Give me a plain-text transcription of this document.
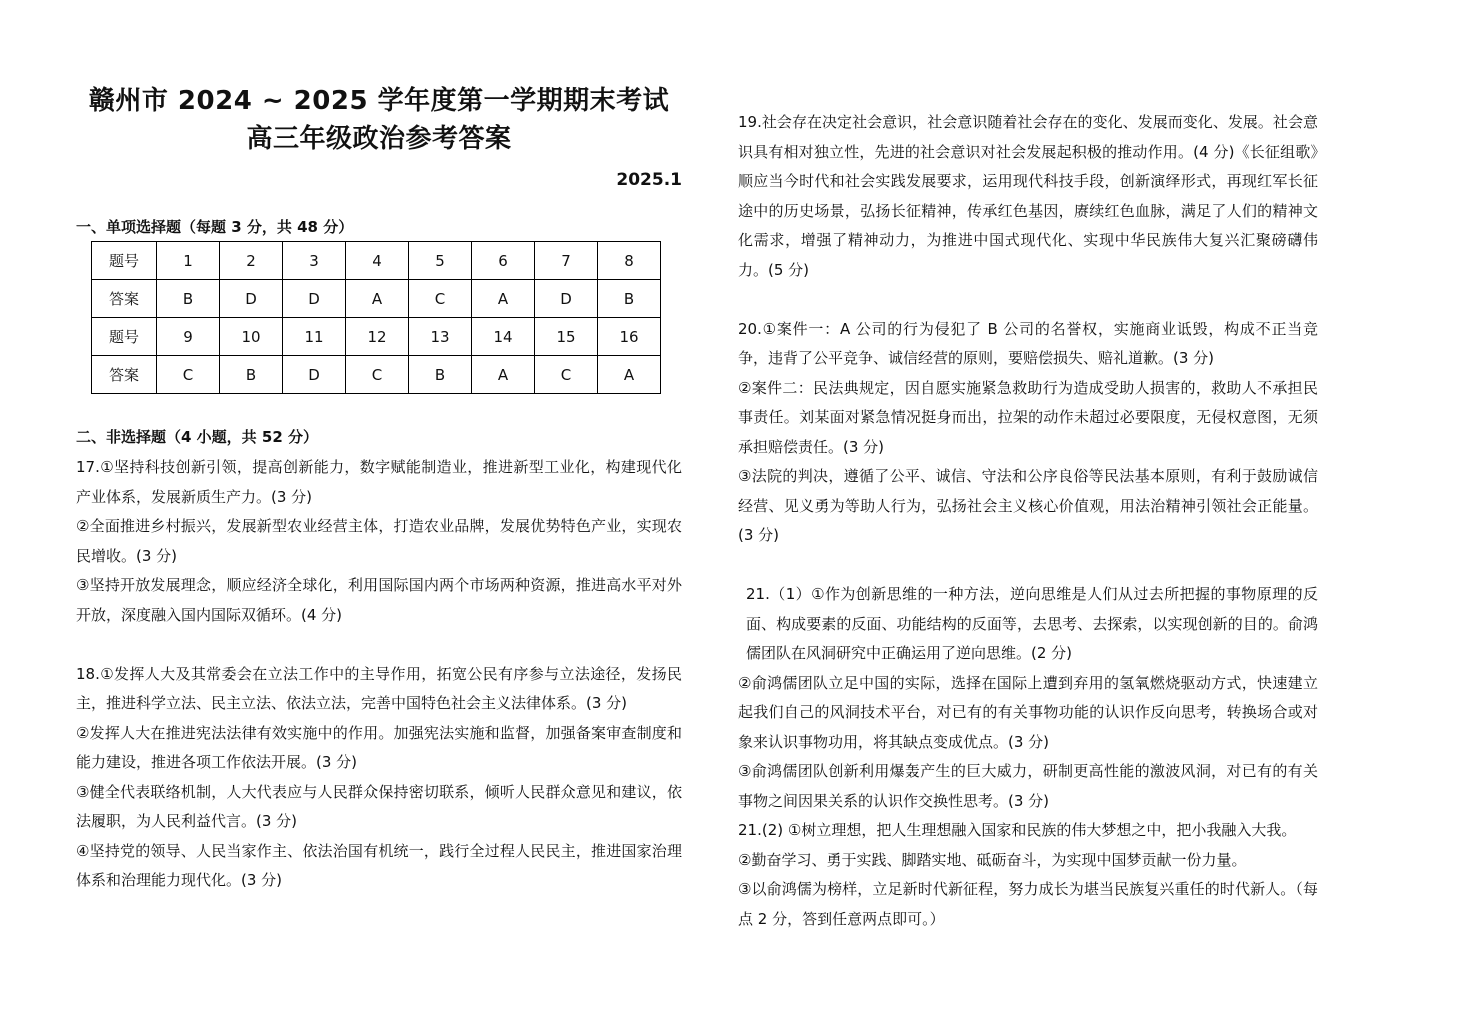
赣州市 2024 ~ 2025 学年度第一学期期末考试
高三年级政治参考答案
2025.1
一、单项选择题（每题 3 分，共 48 分）
题号	1	2	3	4	5	6	7	8
答案	B	D	D	A	C	A	D	B
题号	9	10	11	12	13	14	15	16
答案	C	B	D	C	B	A	C	A
二、非选择题（4 小题，共 52 分）

17.①坚持科技创新引领，提高创新能力，数字赋能制造业，推进新型工业化，构建现代化产业体系，发展新质生产力。(3 分)

②全面推进乡村振兴，发展新型农业经营主体，打造农业品牌，发展优势特色产业，实现农民增收。(3 分)

③坚持开放发展理念，顺应经济全球化，利用国际国内两个市场两种资源，推进高水平对外开放，深度融入国内国际双循环。(4 分)

18.①发挥人大及其常委会在立法工作中的主导作用，拓宽公民有序参与立法途径，发扬民主，推进科学立法、民主立法、依法立法，完善中国特色社会主义法律体系。(3 分)

②发挥人大在推进宪法法律有效实施中的作用。加强宪法实施和监督，加强备案审查制度和能力建设，推进各项工作依法开展。(3 分)

③健全代表联络机制，人大代表应与人民群众保持密切联系，倾听人民群众意见和建议，依法履职，为人民利益代言。(3 分)

④坚持党的领导、人民当家作主、依法治国有机统一，践行全过程人民民主，推进国家治理体系和治理能力现代化。(3 分)

19.社会存在决定社会意识，社会意识随着社会存在的变化、发展而变化、发展。社会意识具有相对独立性，先进的社会意识对社会发展起积极的推动作用。(4 分)《长征组歌》顺应当今时代和社会实践发展要求，运用现代科技手段，创新演绎形式，再现红军长征途中的历史场景，弘扬长征精神，传承红色基因，赓续红色血脉，满足了人们的精神文化需求，增强了精神动力，为推进中国式现代化、实现中华民族伟大复兴汇聚磅礴伟力。(5 分)

20.①案件一：A 公司的行为侵犯了 B 公司的名誉权，实施商业诋毁，构成不正当竞争，违背了公平竞争、诚信经营的原则，要赔偿损失、赔礼道歉。(3 分)

②案件二：民法典规定，因自愿实施紧急救助行为造成受助人损害的，救助人不承担民事责任。刘某面对紧急情况挺身而出，拉架的动作未超过必要限度，无侵权意图，无须承担赔偿责任。(3 分)

③法院的判决，遵循了公平、诚信、守法和公序良俗等民法基本原则，有利于鼓励诚信经营、见义勇为等助人行为，弘扬社会主义核心价值观，用法治精神引领社会正能量。(3 分)

21.（1）①作为创新思维的一种方法，逆向思维是人们从过去所把握的事物原理的反面、构成要素的反面、功能结构的反面等，去思考、去探索，以实现创新的目的。俞鸿儒团队在风洞研究中正确运用了逆向思维。(2 分)

②俞鸿儒团队立足中国的实际，选择在国际上遭到弃用的氢氧燃烧驱动方式，快速建立起我们自己的风洞技术平台，对已有的有关事物功能的认识作反向思考，转换场合或对象来认识事物功用，将其缺点变成优点。(3 分)

③俞鸿儒团队创新利用爆轰产生的巨大威力，研制更高性能的激波风洞，对已有的有关事物之间因果关系的认识作交换性思考。(3 分)

21.(2) ①树立理想，把人生理想融入国家和民族的伟大梦想之中，把小我融入大我。

②勤奋学习、勇于实践、脚踏实地、砥砺奋斗，为实现中国梦贡献一份力量。

③以俞鸿儒为榜样，立足新时代新征程，努力成长为堪当民族复兴重任的时代新人。（每点 2 分，答到任意两点即可。）
